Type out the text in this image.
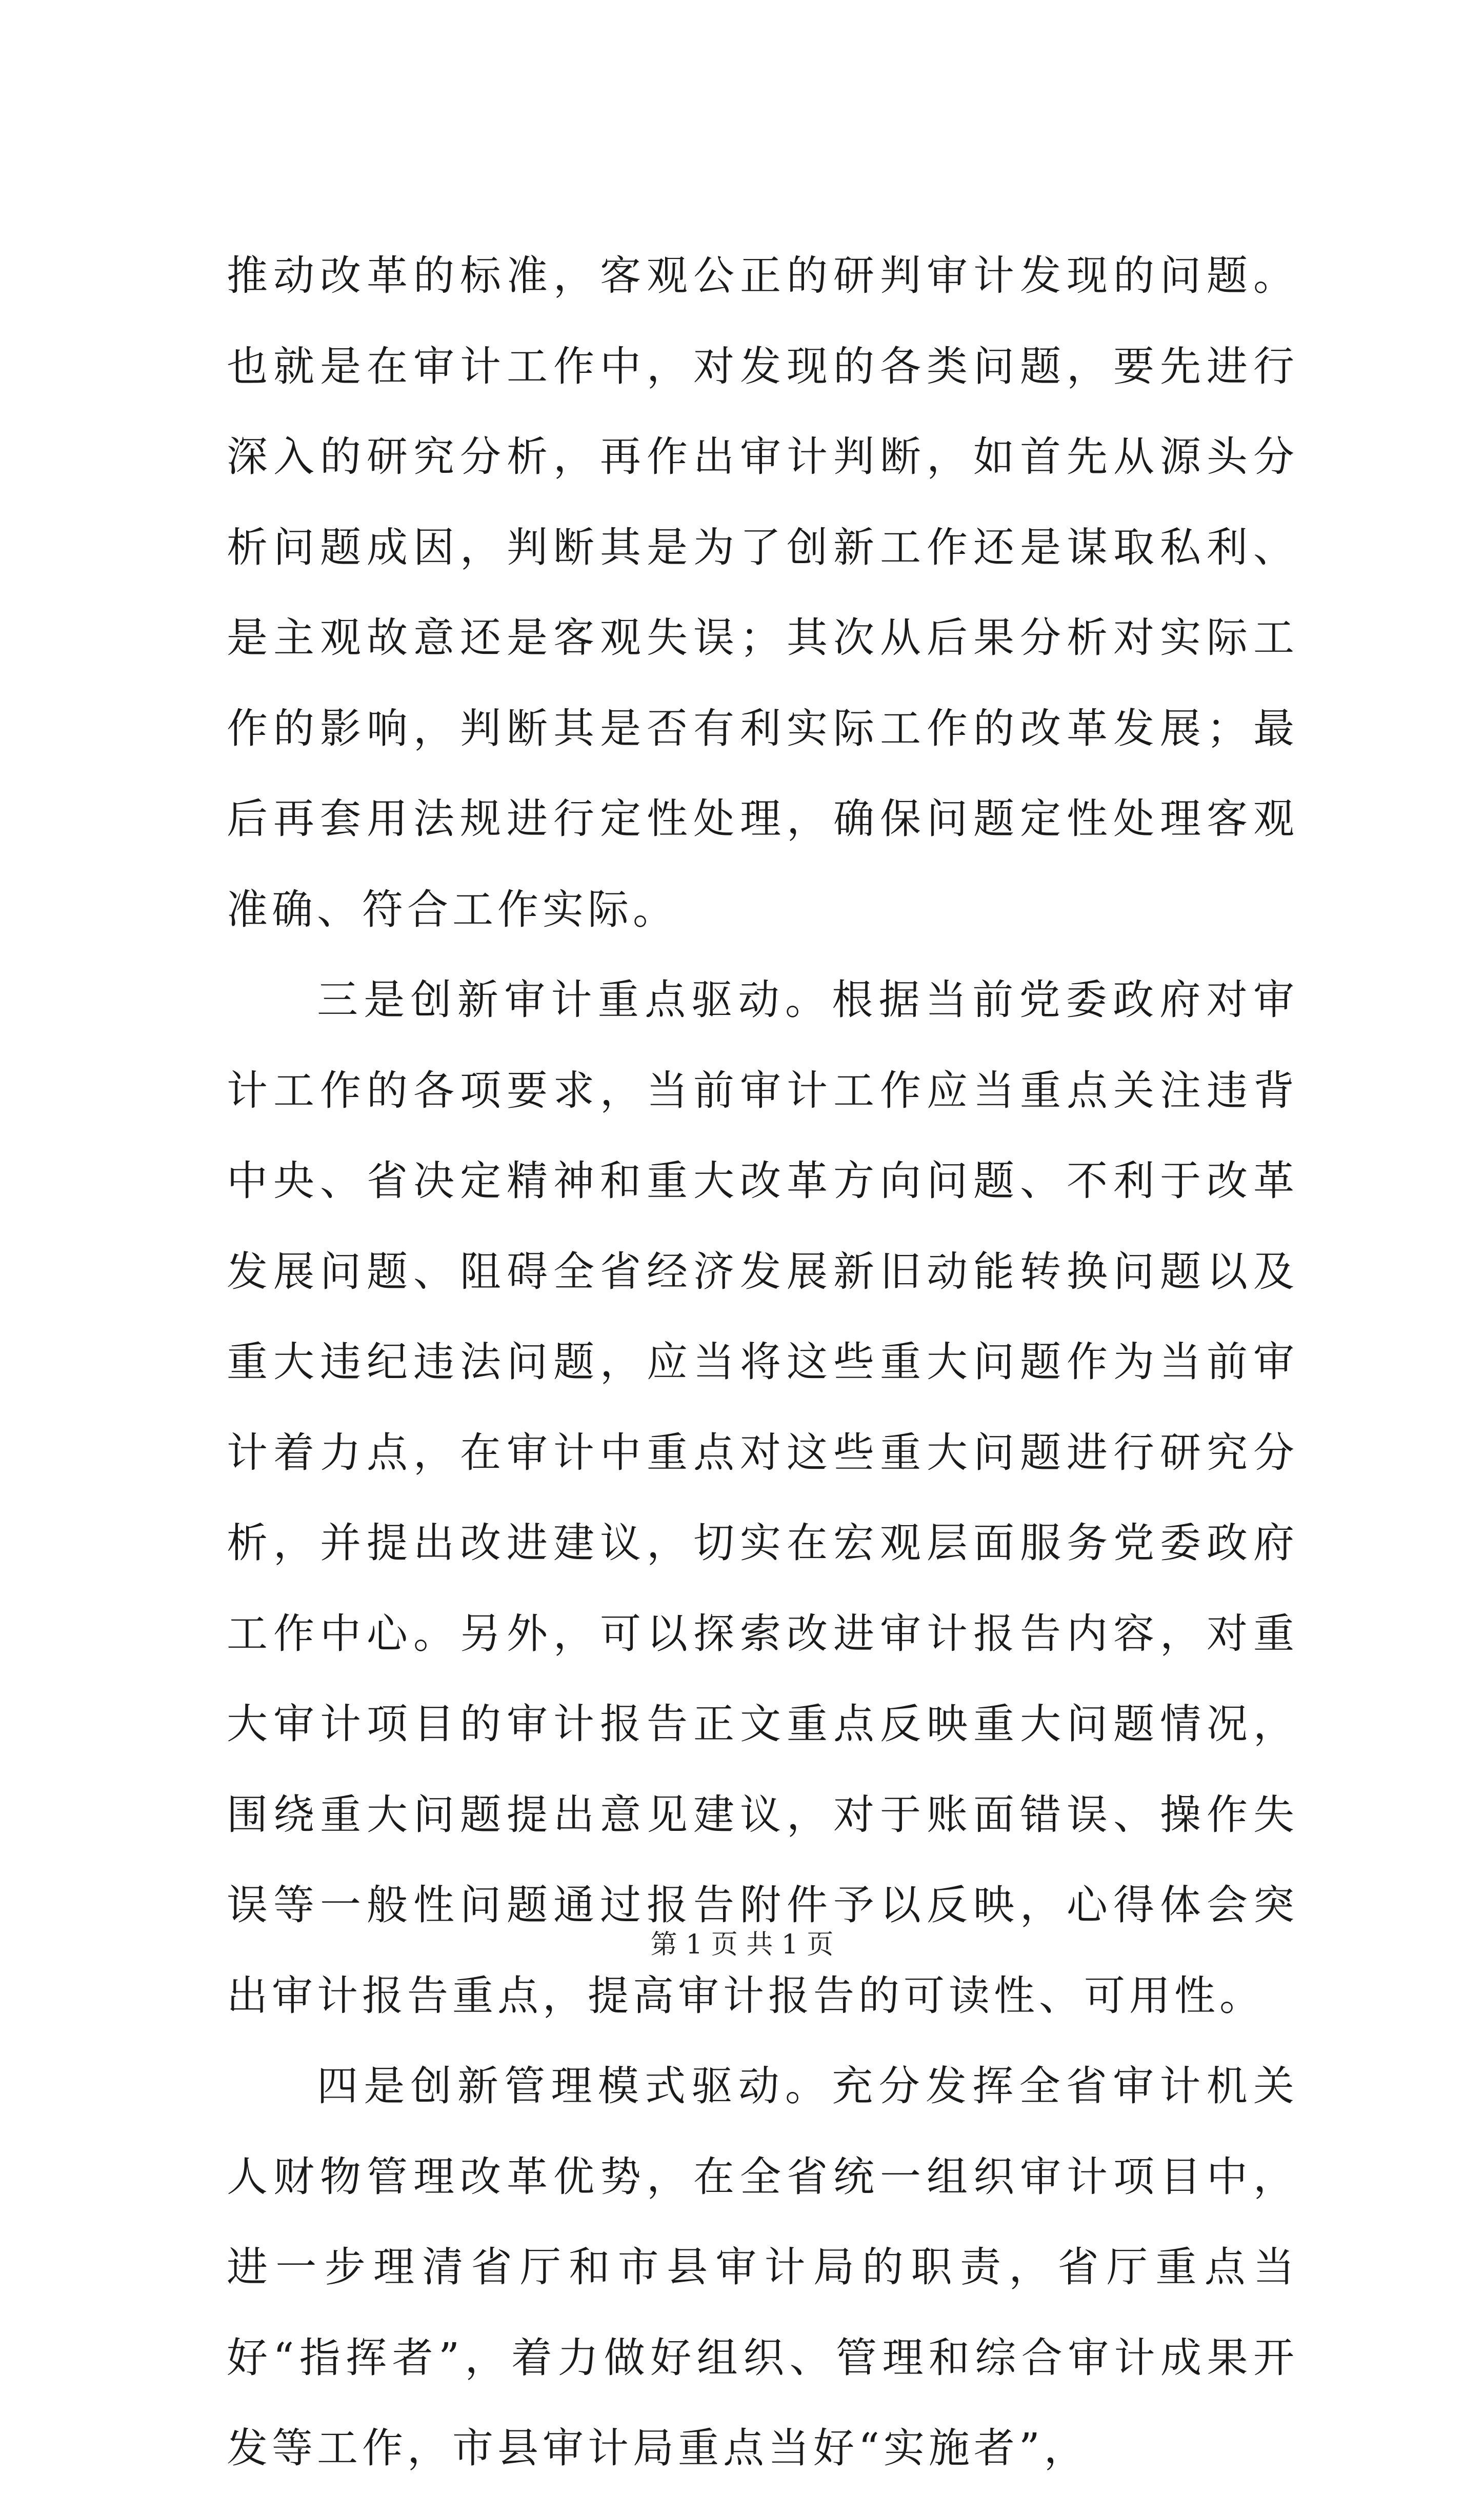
推动改革的标准，客观公正的研判审计发现的问题。也就是在审计工作中，对发现的各类问题，要先进行深入的研究分析，再作出审计判断，如首先从源头分析问题成因，判断其是为了创新工作还是谋取私利、是主观故意还是客观失误；其次从后果分析对实际工作的影响，判断其是否有利实际工作的改革发展；最后再套用法规进行定性处理，确保问题定性处理客观准确、符合工作实际。

三是创新审计重点驱动。根据当前党委政府对审计工作的各项要求，当前审计工作应当重点关注违背中央、省决定精神和重大改革方向问题、不利于改革发展问题、阻碍全省经济发展新旧动能转换问题以及重大违纪违法问题，应当将这些重大问题作为当前审计着力点，在审计中重点对这些重大问题进行研究分析，并提出改进建议，切实在宏观层面服务党委政府工作中心。另外，可以探索改进审计报告内容，对重大审计项目的审计报告正文重点反映重大问题情况，围绕重大问题提出意见建议，对于账面错误、操作失误等一般性问题通过报告附件予以反映，心得体会突出审计报告重点，提高审计报告的可读性、可用性。

四是创新管理模式驱动。充分发挥全省审计机关人财物管理改革优势，在全省统一组织审计项目中，进一步理清省厅和市县审计局的职责，省厅重点当好“指挥者”，着力做好组织、管理和综合审计成果开发等工作，市县审计局重点当好“实施者”，

第 1 页 共 1 页
